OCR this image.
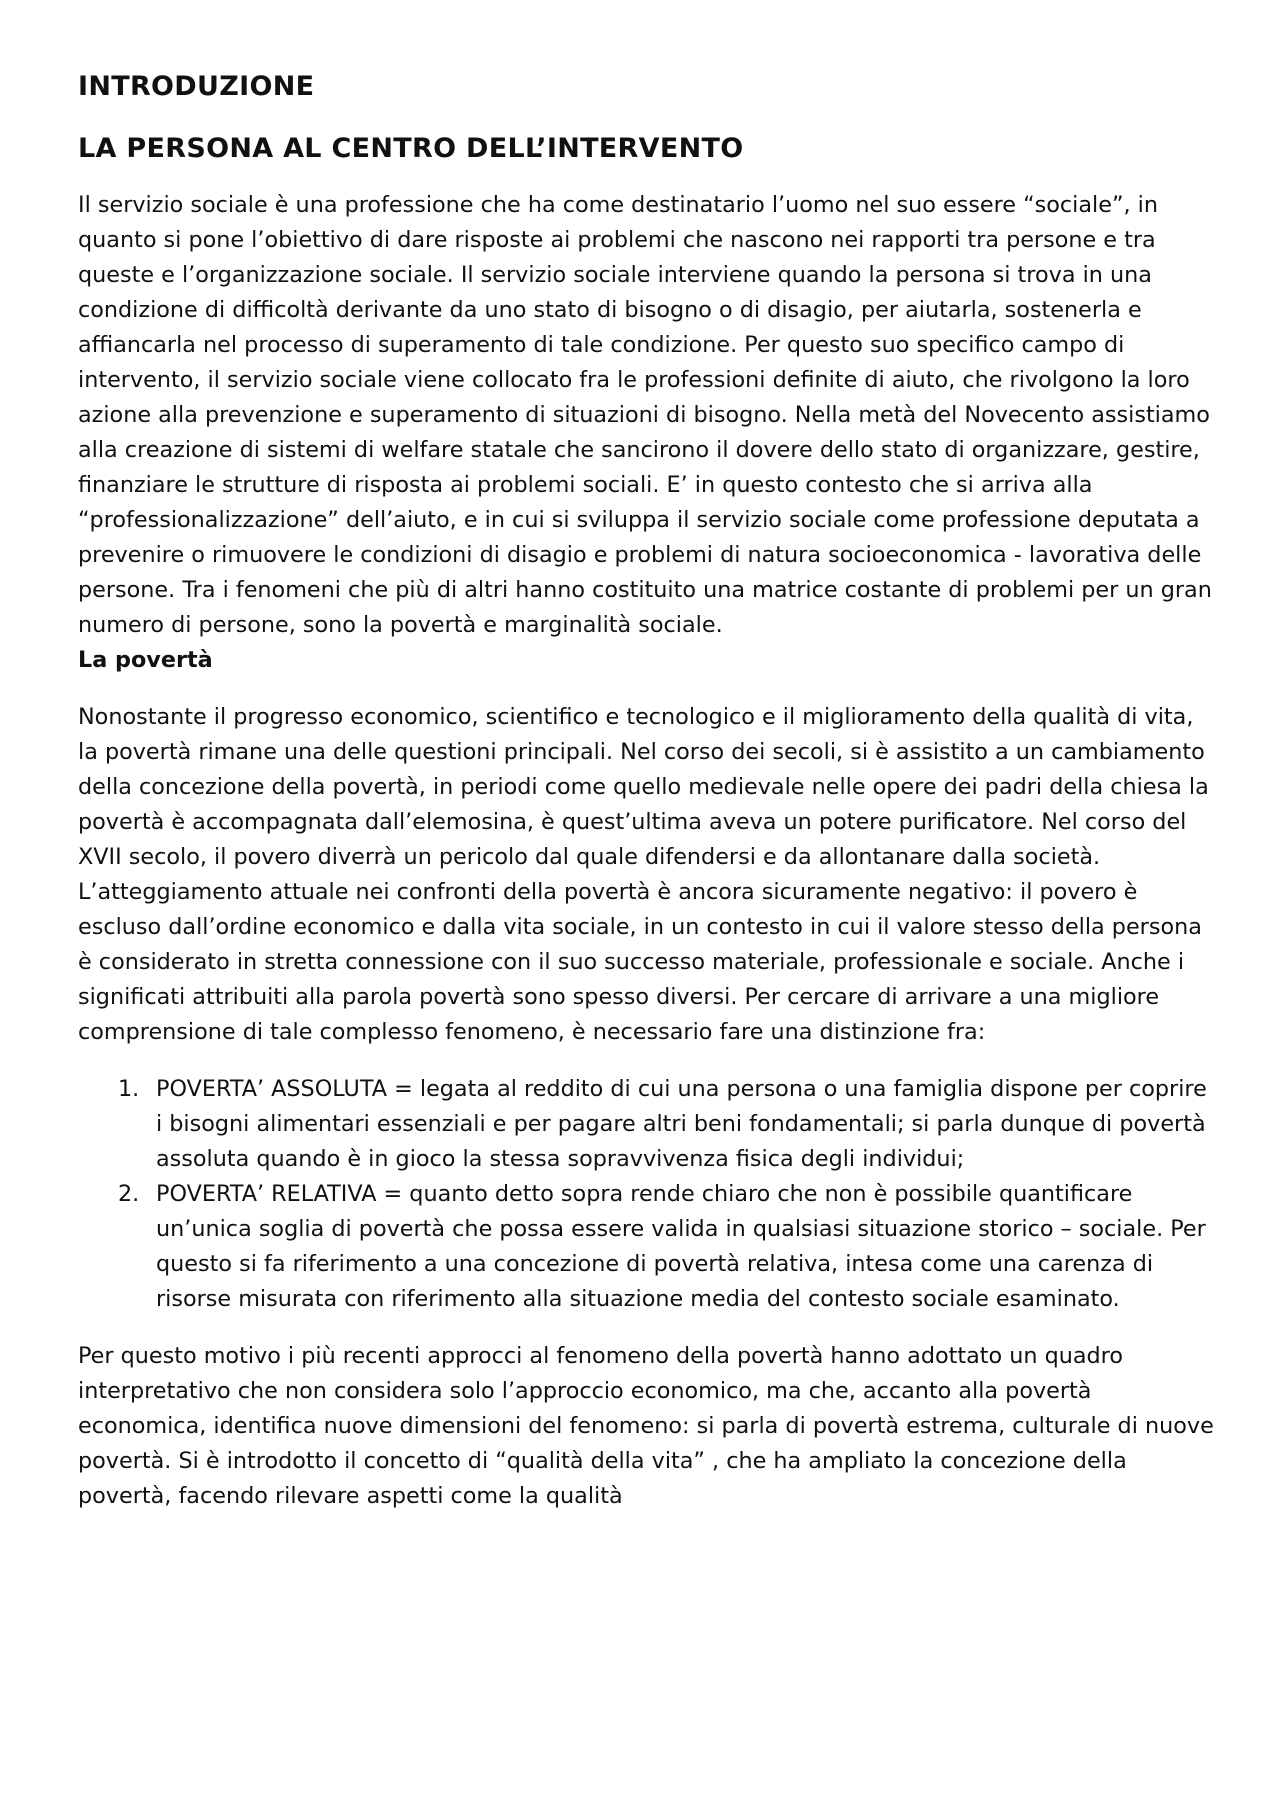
INTRODUZIONE
LA PERSONA AL CENTRO DELL’INTERVENTO

Il servizio sociale è una professione che ha come destinatario l’uomo nel suo essere “sociale”, in quanto si pone l’obiettivo di dare risposte ai problemi che nascono nei rapporti tra persone e tra queste e l’organizzazione sociale. Il servizio sociale interviene quando la persona si trova in una condizione di difficoltà derivante da uno stato di bisogno o di disagio, per aiutarla, sostenerla e affiancarla nel processo di superamento di tale condizione. Per questo suo specifico campo di intervento, il servizio sociale viene collocato fra le professioni definite di aiuto, che rivolgono la loro azione alla prevenzione e superamento di situazioni di bisogno. Nella metà del Novecento assistiamo alla creazione di sistemi di welfare statale che sancirono il dovere dello stato di organizzare, gestire, finanziare le strutture di risposta ai problemi sociali. E’ in questo contesto che si arriva alla “professionalizzazione” dell’aiuto, e in cui si sviluppa il servizio sociale come professione deputata a prevenire o rimuovere le condizioni di disagio e problemi di natura socioeconomica - lavorativa delle persone. Tra i fenomeni che più di altri hanno costituito una matrice costante di problemi per un gran numero di persone, sono la povertà e marginalità sociale.

La povertà

Nonostante il progresso economico, scientifico e tecnologico e il miglioramento della qualità di vita, la povertà rimane una delle questioni principali. Nel corso dei secoli, si è assistito a un cambiamento della concezione della povertà, in periodi come quello medievale nelle opere dei padri della chiesa la povertà è accompagnata dall’elemosina, è quest’ultima aveva un potere purificatore. Nel corso del XVII secolo, il povero diverrà un pericolo dal quale difendersi e da allontanare dalla società. L’atteggiamento attuale nei confronti della povertà è ancora sicuramente negativo: il povero è escluso dall’ordine economico e dalla vita sociale, in un contesto in cui il valore stesso della persona è considerato in stretta connessione con il suo successo materiale, professionale e sociale. Anche i significati attribuiti alla parola povertà sono spesso diversi. Per cercare di arrivare a una migliore comprensione di tale complesso fenomeno, è necessario fare una distinzione fra:

1. POVERTA’ ASSOLUTA = legata al reddito di cui una persona o una famiglia dispone per coprire i bisogni alimentari essenziali e per pagare altri beni fondamentali; si parla dunque di povertà assoluta quando è in gioco la stessa sopravvivenza fisica degli individui;
2. POVERTA’ RELATIVA = quanto detto sopra rende chiaro che non è possibile quantificare un’unica soglia di povertà che possa essere valida in qualsiasi situazione storico – sociale. Per questo si fa riferimento a una concezione di povertà relativa, intesa come una carenza di risorse misurata con riferimento alla situazione media del contesto sociale esaminato.

Per questo motivo i più recenti approcci al fenomeno della povertà hanno adottato un quadro interpretativo che non considera solo l’approccio economico, ma che, accanto alla povertà economica, identifica nuove dimensioni del fenomeno: si parla di povertà estrema, culturale di nuove povertà. Si è introdotto il concetto di “qualità della vita” , che ha ampliato la concezione della povertà, facendo rilevare aspetti come la qualità
